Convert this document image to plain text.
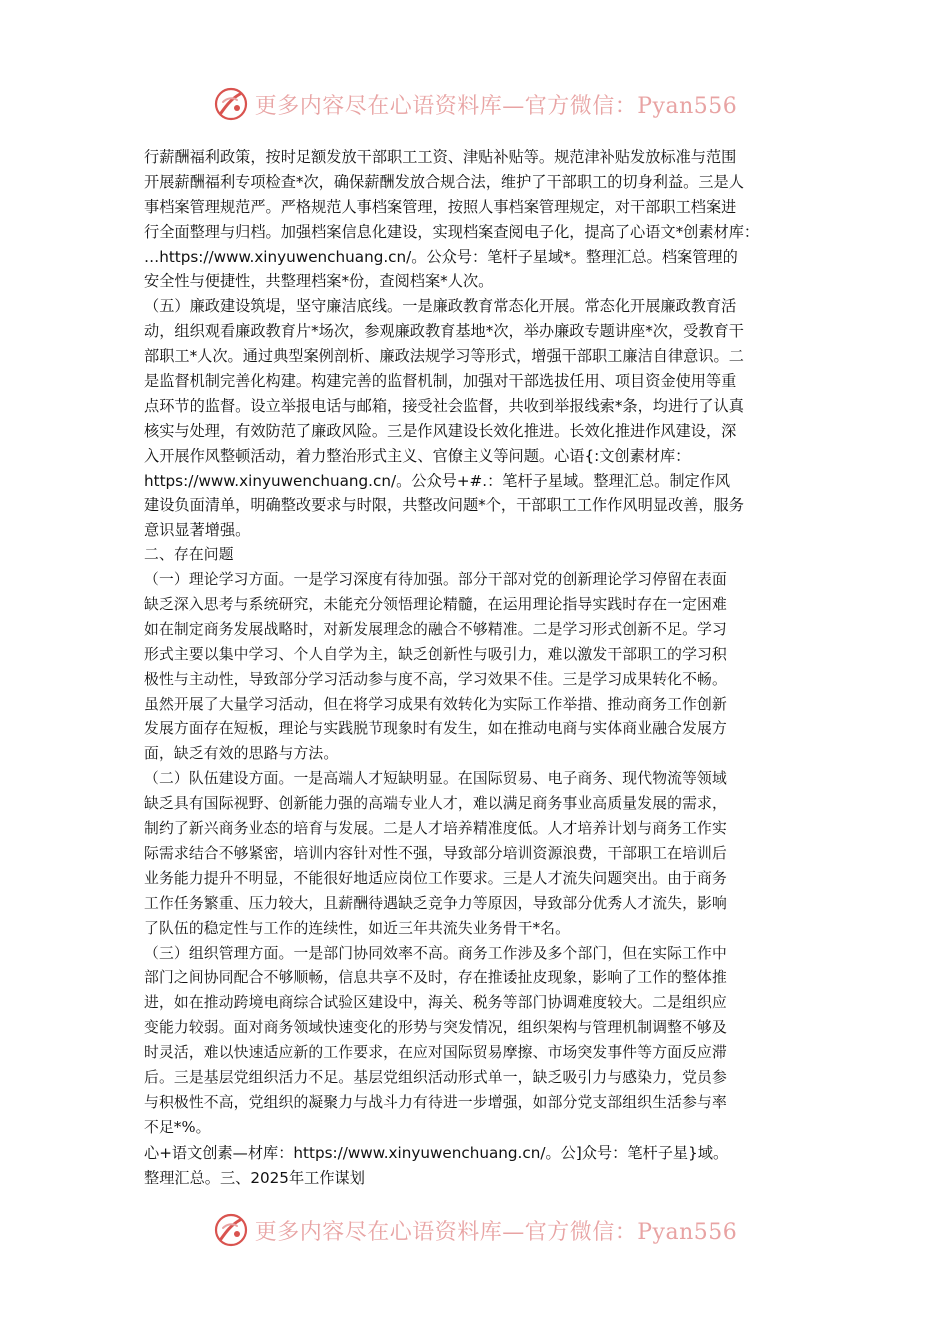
更多内容尽在心语资料库—官方微信：Pyan556
行薪酬福利政策，按时足额发放干部职工工资、津贴补贴等。规范津补贴发放标准与范围
开展薪酬福利专项检查*次，确保薪酬发放合规合法，维护了干部职工的切身利益。三是人
事档案管理规范严。严格规范人事档案管理，按照人事档案管理规定，对干部职工档案进
行全面整理与归档。加强档案信息化建设，实现档案查阅电子化，提高了心语文*创素材库：
…https://www.xinyuwenchuang.cn/。公众号：笔杆子星域*。整理汇总。档案管理的
安全性与便捷性，共整理档案*份，查阅档案*人次。
（五）廉政建设筑堤，坚守廉洁底线。一是廉政教育常态化开展。常态化开展廉政教育活
动，组织观看廉政教育片*场次，参观廉政教育基地*次，举办廉政专题讲座*次，受教育干
部职工*人次。通过典型案例剖析、廉政法规学习等形式，增强干部职工廉洁自律意识。二
是监督机制完善化构建。构建完善的监督机制，加强对干部选拔任用、项目资金使用等重
点环节的监督。设立举报电话与邮箱，接受社会监督，共收到举报线索*条，均进行了认真
核实与处理，有效防范了廉政风险。三是作风建设长效化推进。长效化推进作风建设，深
入开展作风整顿活动，着力整治形式主义、官僚主义等问题。心语{:文创素材库：
https://www.xinyuwenchuang.cn/。公众号+#.：笔杆子星域。整理汇总。制定作风
建设负面清单，明确整改要求与时限，共整改问题*个，干部职工工作作风明显改善，服务
意识显著增强。
二、存在问题
（一）理论学习方面。一是学习深度有待加强。部分干部对党的创新理论学习停留在表面
缺乏深入思考与系统研究，未能充分领悟理论精髓，在运用理论指导实践时存在一定困难
如在制定商务发展战略时，对新发展理念的融合不够精准。二是学习形式创新不足。学习
形式主要以集中学习、个人自学为主，缺乏创新性与吸引力，难以激发干部职工的学习积
极性与主动性，导致部分学习活动参与度不高，学习效果不佳。三是学习成果转化不畅。
虽然开展了大量学习活动，但在将学习成果有效转化为实际工作举措、推动商务工作创新
发展方面存在短板，理论与实践脱节现象时有发生，如在推动电商与实体商业融合发展方
面，缺乏有效的思路与方法。
（二）队伍建设方面。一是高端人才短缺明显。在国际贸易、电子商务、现代物流等领域
缺乏具有国际视野、创新能力强的高端专业人才，难以满足商务事业高质量发展的需求，
制约了新兴商务业态的培育与发展。二是人才培养精准度低。人才培养计划与商务工作实
际需求结合不够紧密，培训内容针对性不强，导致部分培训资源浪费，干部职工在培训后
业务能力提升不明显，不能很好地适应岗位工作要求。三是人才流失问题突出。由于商务
工作任务繁重、压力较大，且薪酬待遇缺乏竞争力等原因，导致部分优秀人才流失，影响
了队伍的稳定性与工作的连续性，如近三年共流失业务骨干*名。
（三）组织管理方面。一是部门协同效率不高。商务工作涉及多个部门，但在实际工作中
部门之间协同配合不够顺畅，信息共享不及时，存在推诿扯皮现象，影响了工作的整体推
进，如在推动跨境电商综合试验区建设中，海关、税务等部门协调难度较大。二是组织应
变能力较弱。面对商务领域快速变化的形势与突发情况，组织架构与管理机制调整不够及
时灵活，难以快速适应新的工作要求，在应对国际贸易摩擦、市场突发事件等方面反应滞
后。三是基层党组织活力不足。基层党组织活动形式单一，缺乏吸引力与感染力，党员参
与积极性不高，党组织的凝聚力与战斗力有待进一步增强，如部分党支部组织生活参与率
不足*%。
心+语文创素—材库：https://www.xinyuwenchuang.cn/。公]众号：笔杆子星}域。
整理汇总。三、2025年工作谋划
更多内容尽在心语资料库—官方微信：Pyan556
